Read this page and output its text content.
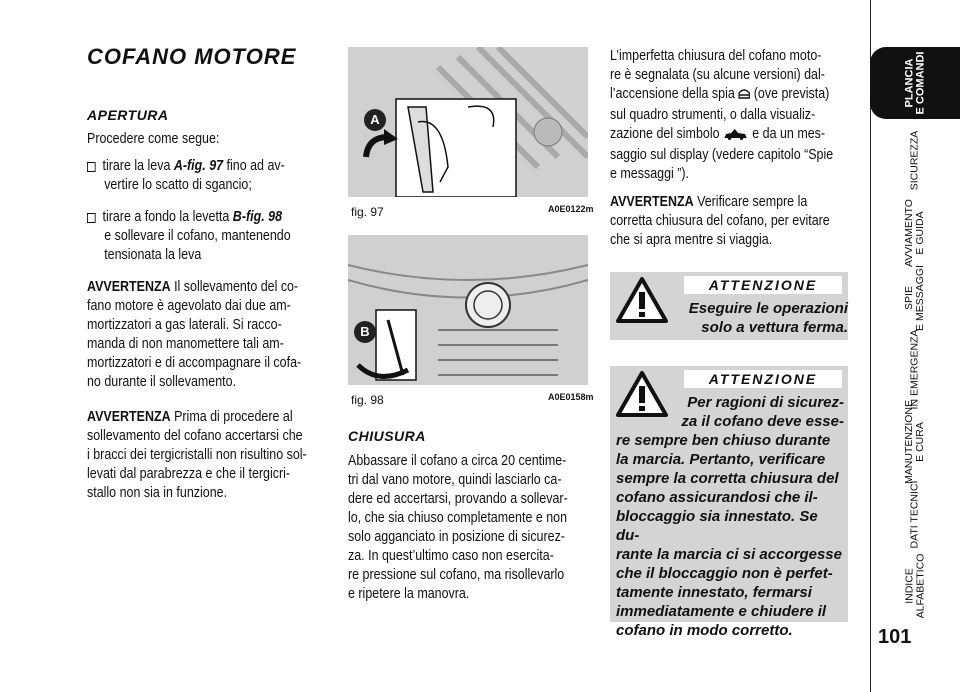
COFANO MOTORE
APERTURA
Procedere come segue:
tirare la leva A-fig. 97 fino ad av-
vertire lo scatto di sgancio;
tirare a fondo la levetta B-fig. 98
e sollevare il cofano, mantenendo
tensionata la leva
AVVERTENZA Il sollevamento del co-
fano motore è agevolato dai due am-
mortizzatori a gas laterali. Si racco-
manda di non manomettere tali am-
mortizzatori e di accompagnare il cofa-
no durante il sollevamento.
AVVERTENZA Prima di procedere al
sollevamento del cofano accertarsi che
i bracci dei tergicristalli non risultino sol-
levati dal parabrezza e che il tergicri-
stallo non sia in funzione.
A
fig. 97	A0E0122m
B
fig. 98	A0E0158m
CHIUSURA
Abbassare il cofano a circa 20 centime-
tri dal vano motore, quindi lasciarlo ca-
dere ed accertarsi, provando a sollevar-
lo, che sia chiuso completamente e non
solo agganciato in posizione di sicurez-
za. In quest’ultimo caso non esercita-
re pressione sul cofano, ma risollevarlo
e ripetere la manovra.
L’imperfetta chiusura del cofano moto-
re è segnalata (su alcune versioni) dal-
l’accensione della spia (ove prevista)
sul quadro strumenti, o dalla visualiz-
zazione del simbolo e da un mes-
saggio sul display (vedere capitolo “Spie
e messaggi ”).
AVVERTENZA Verificare sempre la
corretta chiusura del cofano, per evitare
che si apra mentre si viaggia.
ATTENZIONE
Eseguire le operazioni
solo a vettura ferma.
ATTENZIONE
Per ragioni di sicurez-
za il cofano deve esse-
re sempre ben chiuso durante
la marcia. Pertanto, verificare
sempre la corretta chiusura del
cofano assicurandosi che il-
bloccaggio sia innestato. Se du-
rante la marcia ci si accorgesse
che il bloccaggio non è perfet-
tamente innestato, fermarsi
immediatamente e chiudere il
cofano in modo corretto.
PLANCIA E COMANDI
SICUREZZA
AVVIAMENTO E GUIDA
SPIE E MESSAGGI
IN EMERGENZA
MANUTENZIONE E CURA
DATI TECNICI
INDICE ALFABETICO
101
